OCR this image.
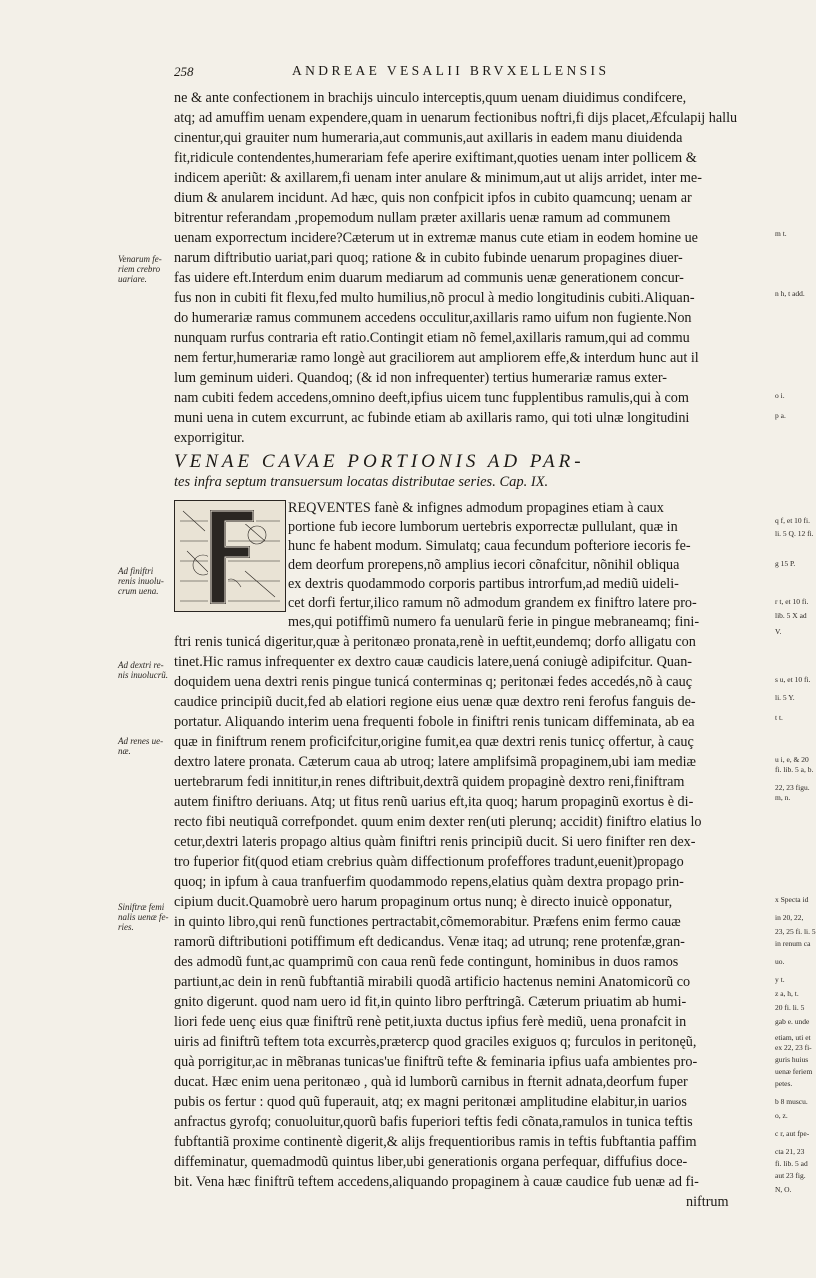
258	ANDREAE VESALII BRVXELLENSIS
ne & ante confectionem in brachijs uinculo interceptis,quum uenam diuidimus condifcere,
atq; ad amuffim uenam expendere,quam in uenarum fectionibus noftri,fi dijs placet,Æfculapij hallu
cinentur,qui grauiter num humeraria,aut communis,aut axillaris in eadem manu diuidenda
fit,ridicule contendentes,humerariam fefe aperire exiftimant,quoties uenam inter pollicem &
indicem aperiũt: & axillarem,fi uenam inter anulare & minimum,aut ut alijs arridet, inter me-
dium & anularem incidunt. Ad hæc, quis non confpicit ipfos in cubito quamcunq; uenam ar
bitrentur referandam ,propemodum nullam præter axillaris uenæ ramum ad communem
uenam exporrectum incidere?Cæterum ut in extremæ manus cute etiam in eodem homine ue
narum diftributio uariat,pari quoq; ratione & in cubito fubinde uenarum propagines diuer-
fas uidere eft.Interdum enim duarum mediarum ad communis uenæ generationem concur-
fus non in cubiti fit flexu,fed multo humilius,nõ procul à medio longitudinis cubiti.Aliquan-
do humerariæ ramus communem accedens occulitur,axillaris ramo uifum non fugiente.Non
nunquam rurfus contraria eft ratio.Contingit etiam nõ femel,axillaris ramum,qui ad commu
nem fertur,humerariæ ramo longè aut graciliorem aut ampliorem effe,& interdum hunc aut il
lum geminum uideri. Quandoq; (& id non infrequenter) tertius humerariæ ramus exter-
nam cubiti fedem accedens,omnino deeft,ipfius uicem tunc fupplentibus ramulis,qui à com
muni uena in cutem excurrunt, ac fubinde etiam ab axillaris ramo, qui toti ulnæ longitudini
exporrigitur.
VENAE CAVAE PORTIONIS AD PAR-
tes infra septum transuersum locatas distributae series. Cap. IX.
REQVENTES fanè & infignes admodum propagines etiam à caux
portione fub iecore lumborum uertebris exporrectæ pullulant, quæ in
hunc fe habent modum. Simulatq; caua fecundum pofteriore iecoris fe-
dem deorfum prorepens,nõ amplius iecori cõnafcitur, nõnihil obliqua
ex dextris quodammodo corporis partibus introrfum,ad mediũ uideli-
cet dorfi fertur,ilico ramum nõ admodum grandem ex finiftro latere pro-
mes,qui potiffimũ numero fa uenularũ ferie in pingue mebraneamq; fini-
ftri renis tunicá digeritur,quæ à peritonæo pronata,renè in ueftit,eundemq; dorfo alligatu con
tinet.Hic ramus infrequenter ex dextro cauæ caudicis latere,uená coniugè adipifcitur. Quan-
doquidem uena dextri renis pingue tunicá conterminas q; peritonæi fedes accedés,nõ à cauç
caudice principiũ ducit,fed ab elatiori regione eius uenæ quæ dextro reni ferofus fanguis de-
portatur. Aliquando interim uena frequenti fobole in finiftri renis tunicam diffeminata, ab ea
quæ in finiftrum renem proficifcitur,origine fumit,ea quæ dextri renis tunicç offertur, à cauç
dextro latere pronata. Cæterum caua ab utroq; latere amplifsimã propaginem,ubi iam mediæ
uertebrarum fedi innititur,in renes diftribuit,dextrã quidem propaginè dextro reni,finiftram
autem finiftro deriuans. Atq; ut fitus renũ uarius eft,ita quoq; harum propaginũ exortus è di-
recto fibi neutiquã correfpondet. quum enim dexter ren(uti plerunq; accidit) finiftro elatius lo
cetur,dextri lateris propago altius quàm finiftri renis principiũ ducit. Si uero finifter ren dex-
tro fuperior fit(quod etiam crebrius quàm diffectionum profeffores tradunt,euenit)propago
quoq; in ipfum à caua tranfuerfim quodammodo repens,elatius quàm dextra propago prin-
cipium ducit.Quamobrè uero harum propaginum ortus nunq; è directo inuicè opponatur,
in quinto libro,qui renũ functiones pertractabit,cõmemorabitur. Præfens enim fermo cauæ
ramorũ diftributioni potiffimum eft dedicandus. Venæ itaq; ad utrunq; rene protenfæ,gran-
des admodũ funt,ac quamprimũ con caua renũ fede contingunt, hominibus in duos ramos
partiunt,ac dein in renũ fubftantiã mirabili quodã artificio hactenus nemini Anatomicorũ co
gnito digerunt. quod nam uero id fit,in quinto libro perftringã. Cæterum priuatim ab humi-
liori fede uenç eius quæ finiftrũ renè petit,iuxta ductus ipfius ferè mediũ, uena pronafcit in
uiris ad finiftrũ teftem tota excurrès,prætercp quod graciles exiguos q; furculos in peritonęũ,
quà porrigitur,ac in mẽbranas tunicas'ue finiftrũ tefte & feminaria ipfius uafa ambientes pro-
ducat. Hæc enim uena peritonæo , quà id lumborũ carnibus in fternit adnata,deorfum fuper
pubis os fertur : quod quũ fuperauit, atq; ex magni peritonæi amplitudine elabitur,in uarios
anfractus gyrofq; conuoluitur,quorũ bafis fuperiori teftis fedi cõnata,ramulos in tunica teftis
fubftantiã proxime continentè digerit,& alijs frequentioribus ramis in teftis fubftantia paffim
diffeminatur, quemadmodũ quintus liber,ubi generationis organa perfequar, diffufius doce-
bit. Vena hæc finiftrũ teftem accedens,aliquando propaginem à cauæ caudice fub uenæ ad fi-
niftrum
Venarum fe- riem crebro uariare.
Ad finiftri renis inuolu- crum uena.
Ad dextri re- nis inuolucrũ.
Ad renes ue- næ.
Siniftræ femi nalis uenæ fe- ries.
m t.
n h, t add.
o i.
p a.
q f, et 10 fi.
li. 5 Q. 12 fi.
g 15 P.
r t, et 10 fi.
lib. 5 X ad
V.
s u, et 10 fi.
li. 5 Y.
t t.
u i, e, & 20
fi. lib. 5 a, b.
22, 23 figu.
m, n.
x Specta id
in 20, 22,
23, 25 fi. li. 5
in renum ca
uo.
y t.
z a, h, t.
20 fi. li. 5
gab e. unde
etiam, uti et
ex 22, 23 fi-
guris huius
uenæ feriem
petes.
b 8 muscu.
o, z.
c r, aut fpe-
cta 21, 23
fi. lib. 5 ad
aut 23 fig.
N, O.
